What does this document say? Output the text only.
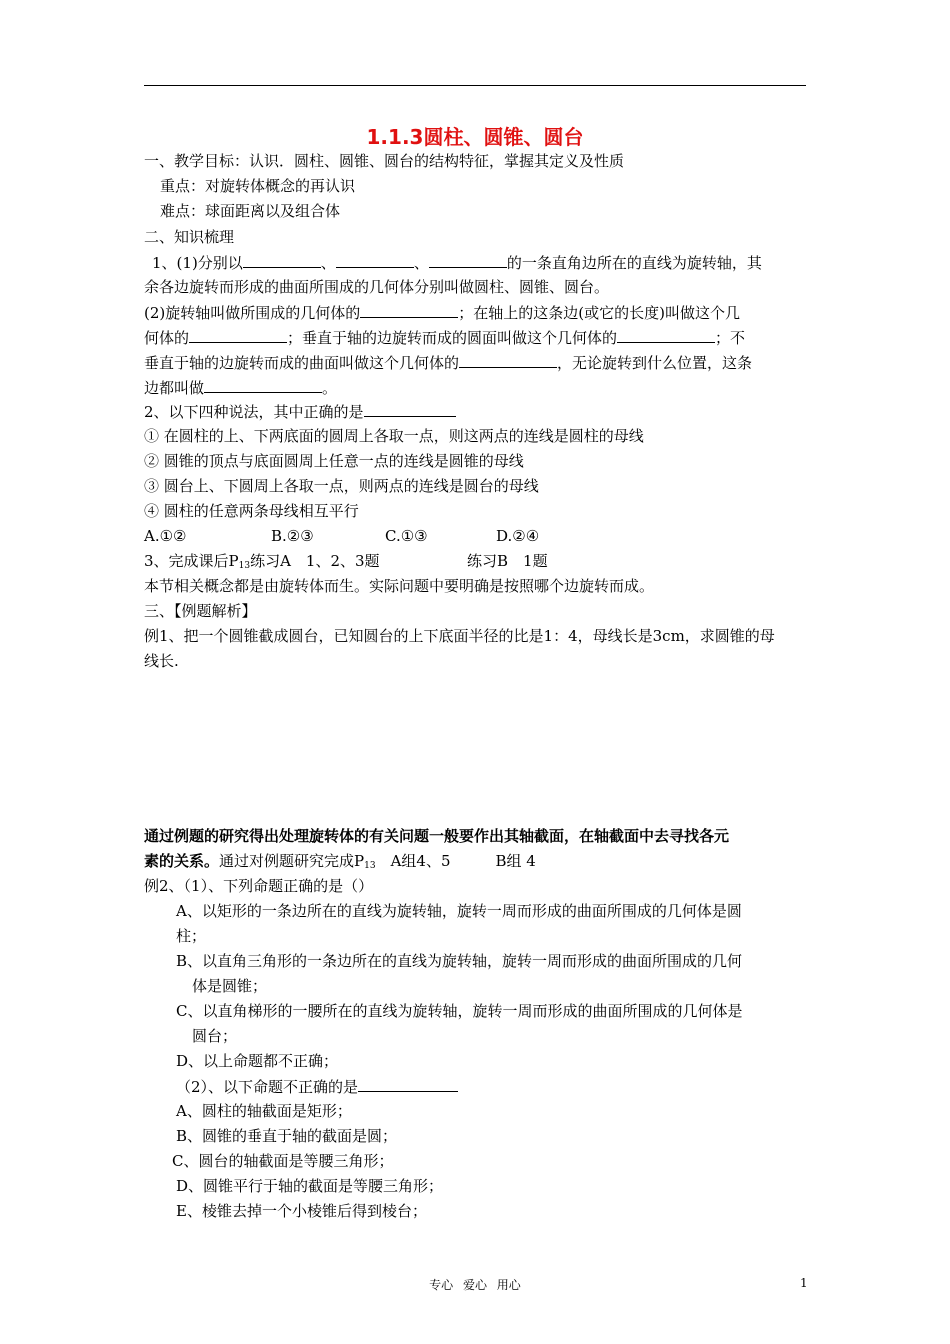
1.1.3圆柱、圆锥、圆台
一、教学目标：认识．圆柱、圆锥、圆台的结构特征，掌握其定义及性质
重点：对旋转体概念的再认识
难点：球面距离以及组合体
二、知识梳理
1、(1)分别以	、	、	的一条直角边所在的直线为旋转轴，其
余各边旋转而形成的曲面所围成的几何体分别叫做圆柱、圆锥、圆台。
(2)旋转轴叫做所围成的几何体的	；在轴上的这条边(或它的长度)叫做这个几
何体的	；垂直于轴的边旋转而成的圆面叫做这个几何体的	；不
垂直于轴的边旋转而成的曲面叫做这个几何体的	，无论旋转到什么位置，这条
边都叫做	。
2、以下四种说法，其中正确的是
① 在圆柱的上、下两底面的圆周上各取一点，则这两点的连线是圆柱的母线
② 圆锥的顶点与底面圆周上任意一点的连线是圆锥的母线
③ 圆台上、下圆周上各取一点，则两点的连线是圆台的母线
④ 圆柱的任意两条母线相互平行
A.①②	B.②③	C.①③	D.②④
3、完成课后$P_{13}$练习A　1、2、3题	练习B　1题
本节相关概念都是由旋转体而生。实际问题中要明确是按照哪个边旋转而成。
三、【例题解析】
例1、把一个圆锥截成圆台，已知圆台的上下底面半径的比是1：4，母线长是3cm，求圆锥的母
线长.
通过例题的研究得出处理旋转体的有关问题一般要作出其轴截面，在轴截面中去寻找各元
素的关系。通过对例题研究完成$P_{13}$　A组4、5　　　B组 4
例2、（1）、下列命题正确的是（）
A、以矩形的一条边所在的直线为旋转轴，旋转一周而形成的曲面所围成的几何体是圆
柱；
B、以直角三角形的一条边所在的直线为旋转轴，旋转一周而形成的曲面所围成的几何
体是圆锥；
C、以直角梯形的一腰所在的直线为旋转轴，旋转一周而形成的曲面所围成的几何体是
圆台；
D、以上命题都不正确；
（2）、以下命题不正确的是
A、圆柱的轴截面是矩形；
B、圆锥的垂直于轴的截面是圆；
C、圆台的轴截面是等腰三角形；
D、圆锥平行于轴的截面是等腰三角形；
E、棱锥去掉一个小棱锥后得到棱台；
专心 爱心 用心	1
